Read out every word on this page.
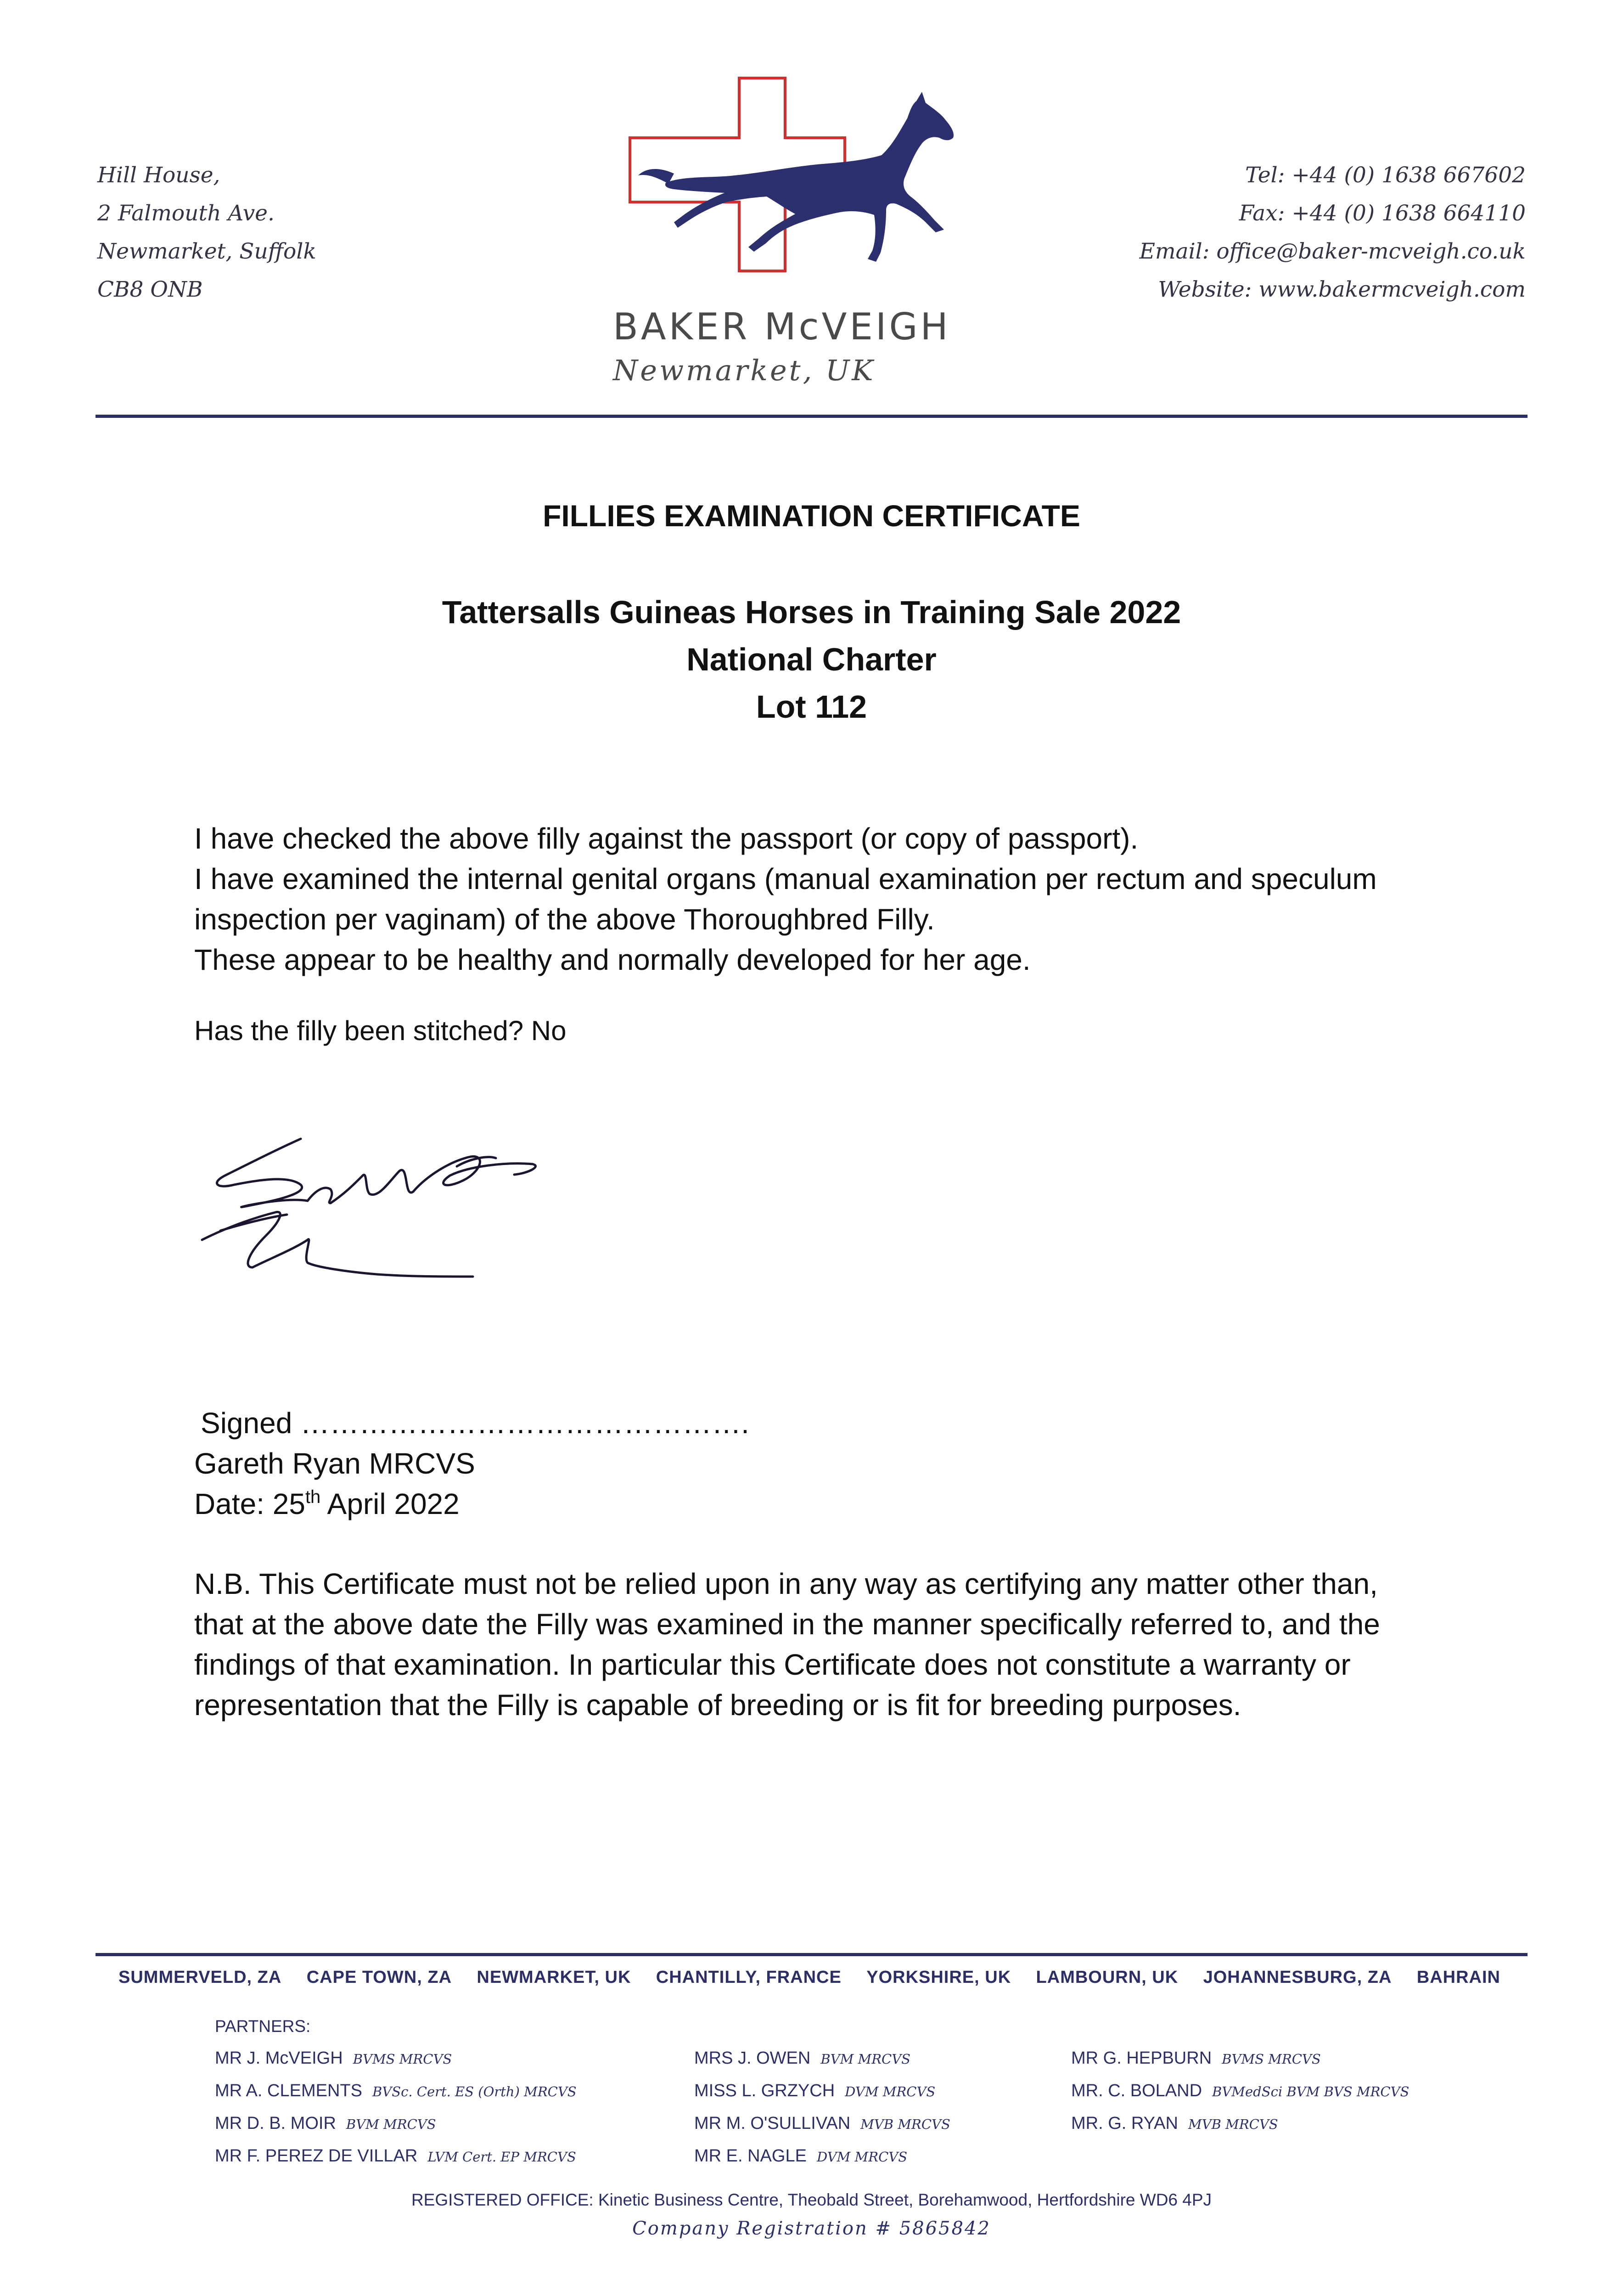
Hill House,
2 Falmouth Ave.
Newmarket, Suffolk
CB8 ONB
Tel: +44 (0) 1638 667602
Fax: +44 (0) 1638 664110
Email: office@baker-mcveigh.co.uk
Website: www.bakermcveigh.com
BAKER McVEIGH
Newmarket, UK
FILLIES EXAMINATION CERTIFICATE
Tattersalls Guineas Horses in Training Sale 2022
National Charter
Lot 112
I have checked the above filly against the passport (or copy of passport).
I have examined the internal genital organs (manual examination per rectum and speculum
inspection per vaginam) of the above Thoroughbred Filly.
These appear to be healthy and normally developed for her age.
Has the filly been stitched? No
Signed ……………………………………….
Gareth Ryan MRCVS
Date: 25th April 2022
N.B. This Certificate must not be relied upon in any way as certifying any matter other than,
that at the above date the Filly was examined in the manner specifically referred to, and the
findings of that examination. In particular this Certificate does not constitute a warranty or
representation that the Filly is capable of breeding or is fit for breeding purposes.
SUMMERVELD, ZA CAPE TOWN, ZA NEWMARKET, UK CHANTILLY, FRANCE YORKSHIRE, UK LAMBOURN, UK JOHANNESBURG, ZA BAHRAIN
PARTNERS:
MR J. McVEIGH BVMS MRCVS
MR A. CLEMENTS BVSc. Cert. ES (Orth) MRCVS
MR D. B. MOIR BVM MRCVS
MR F. PEREZ DE VILLAR LVM Cert. EP MRCVS
MRS J. OWEN BVM MRCVS
MISS L. GRZYCH DVM MRCVS
MR M. O'SULLIVAN MVB MRCVS
MR E. NAGLE DVM MRCVS
MR G. HEPBURN BVMS MRCVS
MR. C. BOLAND BVMedSci BVM BVS MRCVS
MR. G. RYAN MVB MRCVS
REGISTERED OFFICE: Kinetic Business Centre, Theobald Street, Borehamwood, Hertfordshire WD6 4PJ
Company Registration # 5865842
